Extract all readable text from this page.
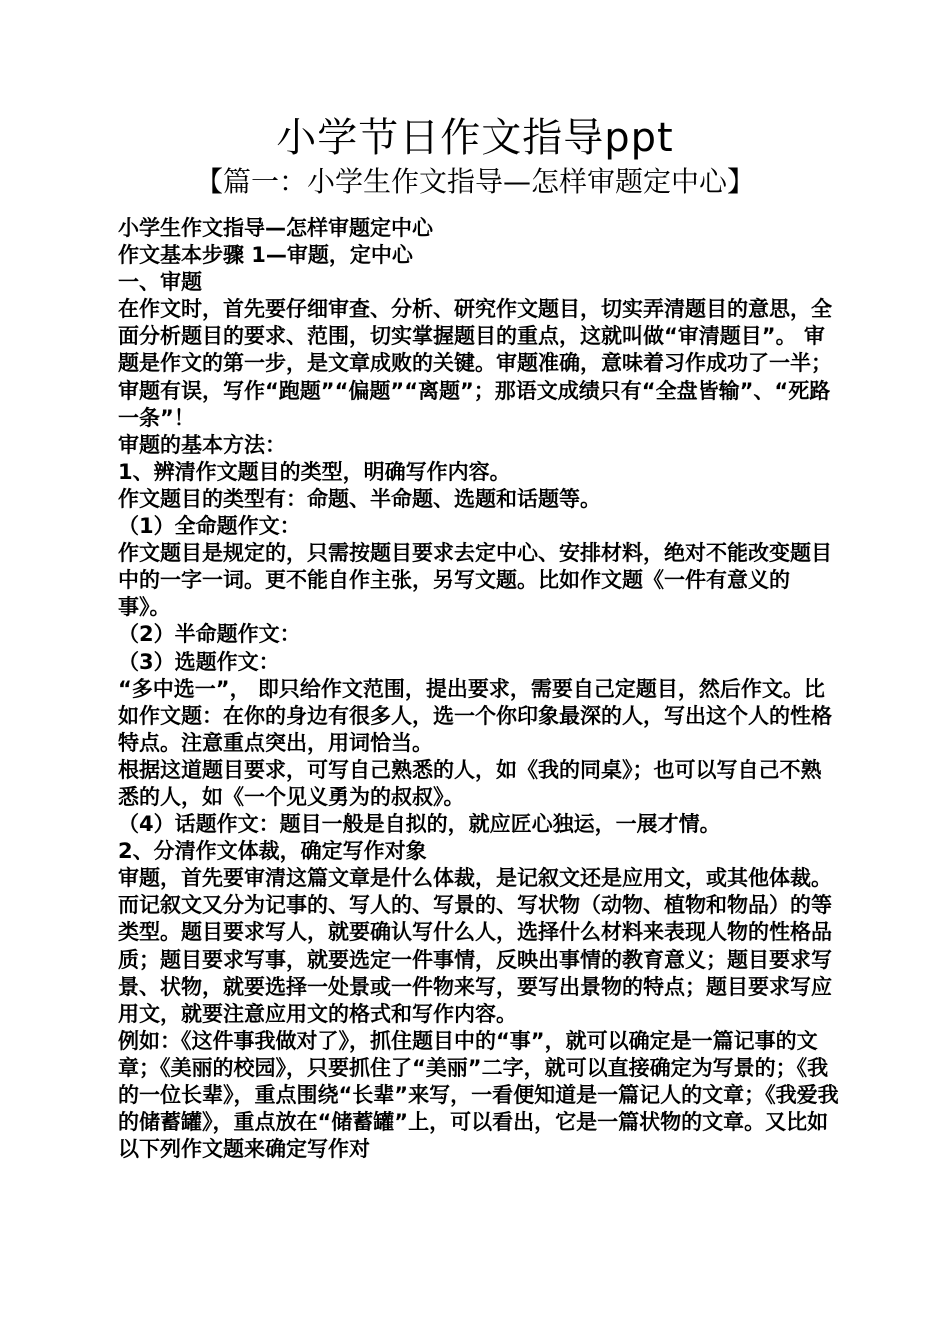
小学节日作文指导ppt
【篇一：小学生作文指导—怎样审题定中心】

小学生作文指导—怎样审题定中心

作文基本步骤 1—审题，定中心

一、审题

在作文时，首先要仔细审查、分析、研究作文题目，切实弄清题目的意思，全面分析题目的要求、范围，切实掌握题目的重点，这就叫做“审清题目”。 审题是作文的第一步，是文章成败的关键。审题准确，意味着习作成功了一半；审题有误，写作“跑题”“偏题”“离题”；那语文成绩只有“全盘皆输”、“死路一条”！

审题的基本方法：

1、辨清作文题目的类型，明确写作内容。

作文题目的类型有：命题、半命题、选题和话题等。

（1）全命题作文：

作文题目是规定的，只需按题目要求去定中心、安排材料，绝对不能改变题目中的一字一词。更不能自作主张，另写文题。比如作文题《一件有意义的事》。

（2）半命题作文：

（3）选题作文：

“多中选一”， 即只给作文范围，提出要求，需要自己定题目，然后作文。比如作文题：在你的身边有很多人，选一个你印象最深的人，写出这个人的性格特点。注意重点突出，用词恰当。

根据这道题目要求，可写自己熟悉的人，如《我的同桌》；也可以写自己不熟悉的人，如《一个见义勇为的叔叔》。

（4）话题作文：题目一般是自拟的，就应匠心独运，一展才情。

2、分清作文体裁，确定写作对象

审题，首先要审清这篇文章是什么体裁，是记叙文还是应用文，或其他体裁。而记叙文又分为记事的、写人的、写景的、写状物（动物、植物和物品）的等类型。题目要求写人，就要确认写什么人，选择什么材料来表现人物的性格品质；题目要求写事，就要选定一件事情，反映出事情的教育意义；题目要求写景、状物，就要选择一处景或一件物来写，要写出景物的特点；题目要求写应用文，就要注意应用文的格式和写作内容。

例如：《这件事我做对了》，抓住题目中的“事”，就可以确定是一篇记事的文章；《美丽的校园》，只要抓住了“美丽”二字，就可以直接确定为写景的；《我的一位长辈》，重点围绕“长辈”来写，一看便知道是一篇记人的文章；《我爱我的储蓄罐》，重点放在“储蓄罐”上，可以看出，它是一篇状物的文章。又比如以下列作文题来确定写作对
